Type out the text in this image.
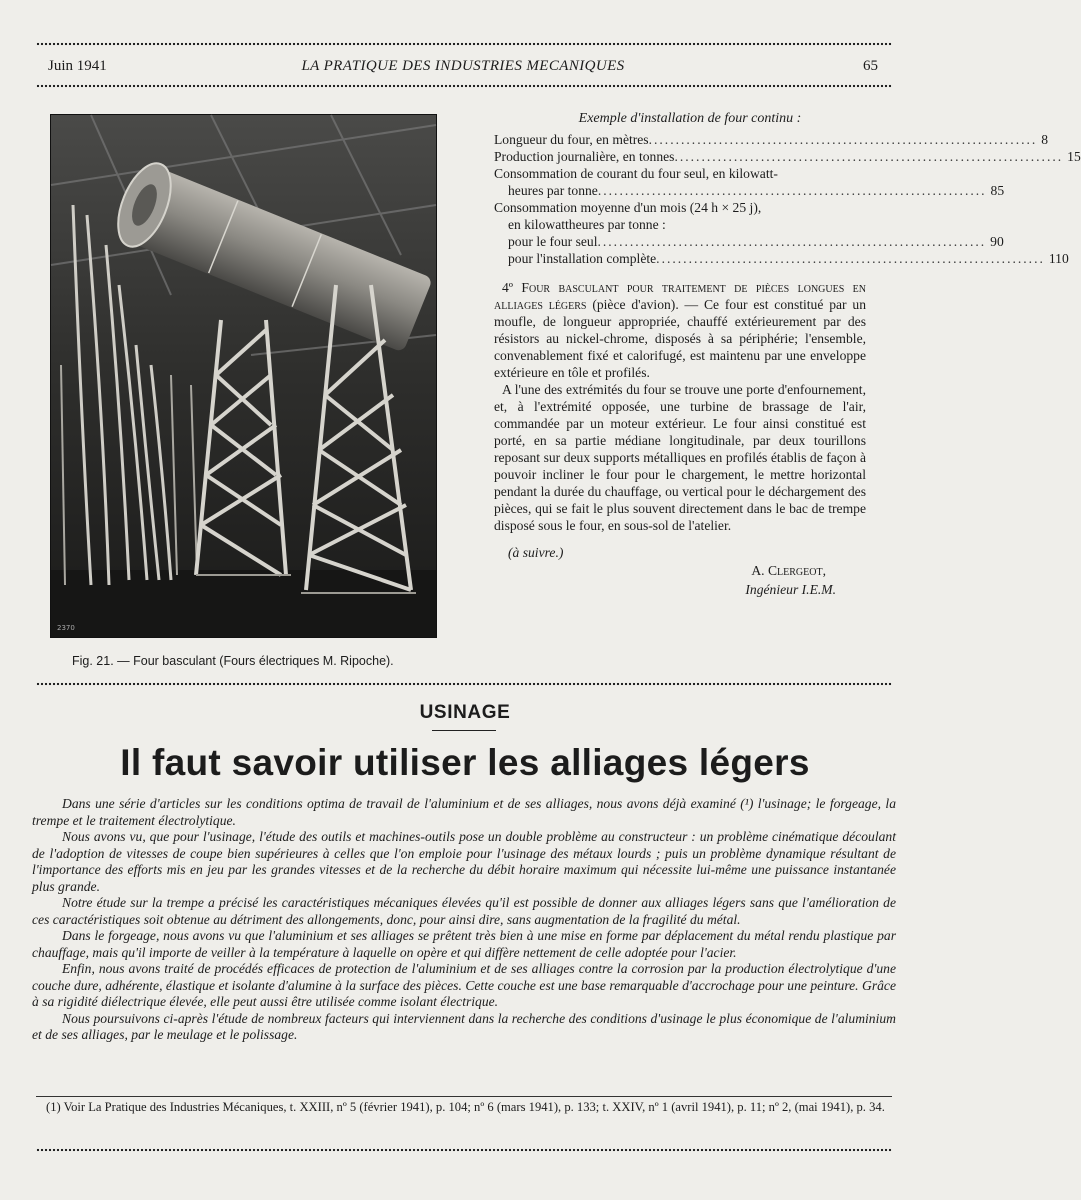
Juin 1941	LA PRATIQUE DES INDUSTRIES MECANIQUES	65
2370
Fig. 21. — Four basculant (Fours électriques M. Ripoche).
Exemple d'installation de four continu :
Longueur du four, en mètres ........................................................................ 8
Production journalière, en tonnes ........................................................................ 15
Consommation de courant du four seul, en kilowatt-
heures par tonne ........................................................................ 85
Consommation moyenne d'un mois (24 h × 25 j),
en kilowattheures par tonne :
pour le four seul ........................................................................ 90
pour l'installation complète ........................................................................ 110

4º Four basculant pour traitement de pièces longues en alliages légers (pièce d'avion). — Ce four est constitué par un moufle, de longueur appropriée, chauffé extérieurement par des résistors au nickel-chrome, disposés à sa périphérie; l'ensemble, convenablement fixé et calorifugé, est maintenu par une enveloppe extérieure en tôle et profilés.

A l'une des extrémités du four se trouve une porte d'enfournement, et, à l'extrémité opposée, une turbine de brassage de l'air, commandée par un moteur extérieur. Le four ainsi constitué est porté, en sa partie médiane longitudinale, par deux tourillons reposant sur deux supports métalliques en profilés établis de façon à pouvoir incliner le four pour le chargement, le mettre horizontal pendant la durée du chauffage, ou vertical pour le déchargement des pièces, qui se fait le plus souvent directement dans le bac de trempe disposé sous le four, en sous-sol de l'atelier.

(à suivre.)
A. Clergeot,
Ingénieur I.E.M.
USINAGE
Il faut savoir utiliser les alliages légers

Dans une série d'articles sur les conditions optima de travail de l'aluminium et de ses alliages, nous avons déjà examiné (¹) l'usinage; le forgeage, la trempe et le traitement électrolytique.

Nous avons vu, que pour l'usinage, l'étude des outils et machines-outils pose un double problème au constructeur : un problème cinématique découlant de l'adoption de vitesses de coupe bien supérieures à celles que l'on emploie pour l'usinage des métaux lourds ; puis un problème dynamique résultant de l'importance des efforts mis en jeu par les grandes vitesses et de la recherche du débit horaire maximum qui nécessite lui-même une puissance instantanée plus grande.

Notre étude sur la trempe a précisé les caractéristiques mécaniques élevées qu'il est possible de donner aux alliages légers sans que l'amélioration de ces caractéristiques soit obtenue au détriment des allongements, donc, pour ainsi dire, sans augmentation de la fragilité du métal.

Dans le forgeage, nous avons vu que l'aluminium et ses alliages se prêtent très bien à une mise en forme par déplacement du métal rendu plastique par chauffage, mais qu'il importe de veiller à la température à laquelle on opère et qui diffère nettement de celle adoptée pour l'acier.

Enfin, nous avons traité de procédés efficaces de protection de l'aluminium et de ses alliages contre la corrosion par la production électrolytique d'une couche dure, adhérente, élastique et isolante d'alumine à la surface des pièces. Cette couche est une base remarquable d'accrochage pour une peinture. Grâce à sa rigidité diélectrique élevée, elle peut aussi être utilisée comme isolant électrique.

Nous poursuivons ci-après l'étude de nombreux facteurs qui interviennent dans la recherche des conditions d'usinage le plus économique de l'aluminium et de ses alliages, par le meulage et le polissage.

(1) Voir La Pratique des Industries Mécaniques, t. XXIII, nº 5 (février 1941), p. 104; nº 6 (mars 1941), p. 133; t. XXIV, nº 1 (avril 1941), p. 11; nº 2, (mai 1941), p. 34.
